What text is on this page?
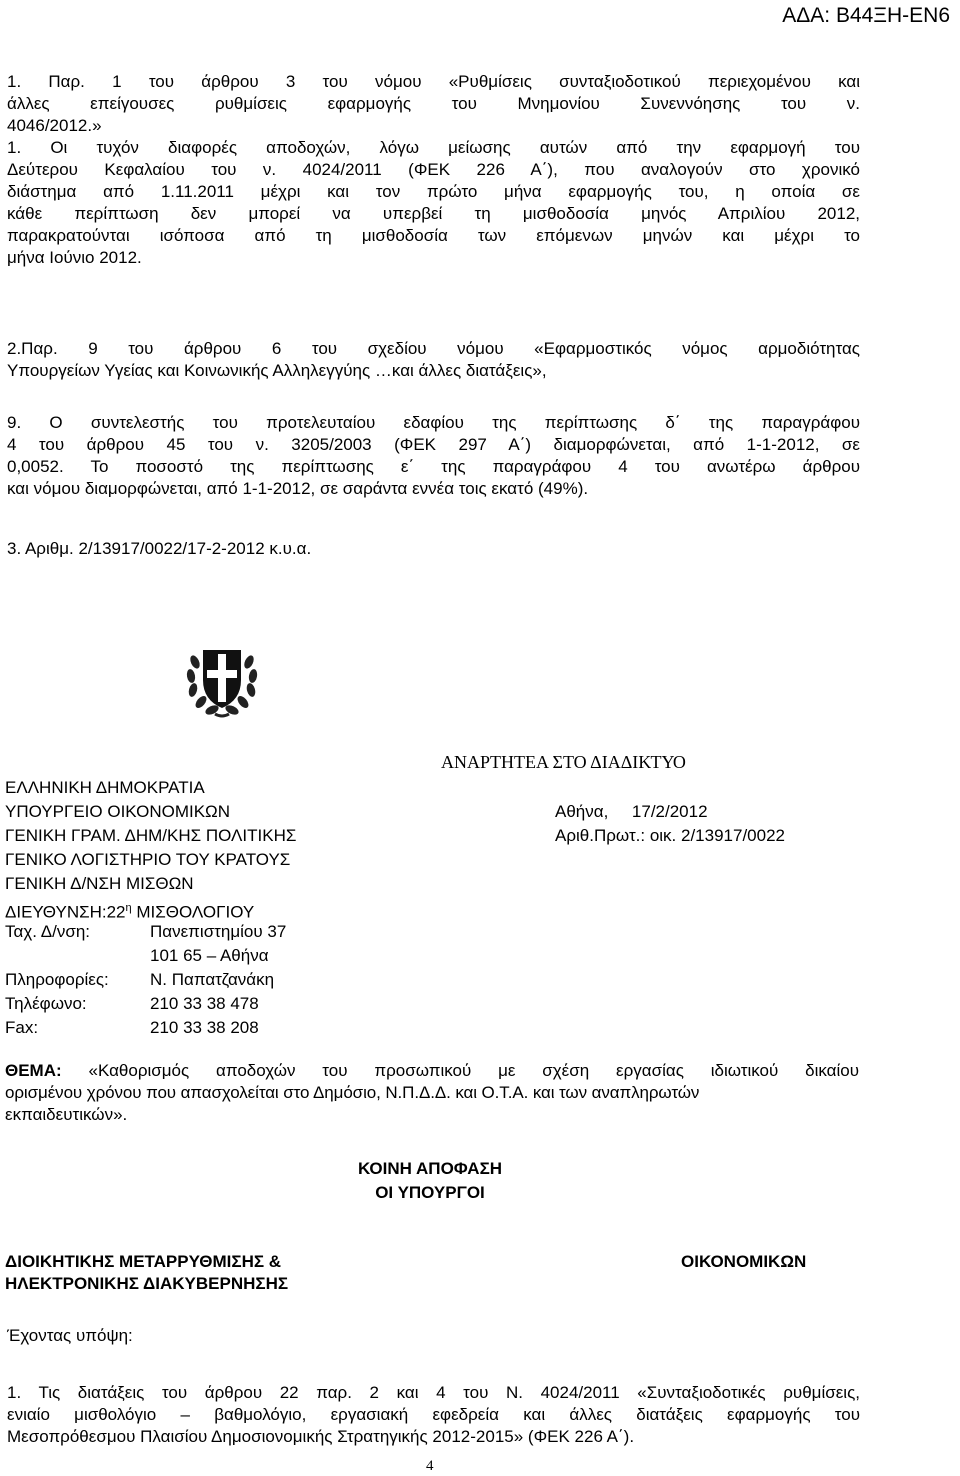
ΑΔΑ: Β44ΞΗ-ΕΝ6
1. Παρ. 1 του άρθρου 3 του νόμου «Ρυθμίσεις συνταξιοδοτικού περιεχομένου και
άλλες επείγουσες ρυθμίσεις εφαρμογής του Μνημονίου Συνεννόησης του ν.
4046/2012.»
1. Οι τυχόν διαφορές αποδοχών, λόγω μείωσης αυτών από την εφαρμογή του
Δεύτερου Κεφαλαίου του ν. 4024/2011 (ΦΕΚ 226 Α΄), που αναλογούν στο χρονικό
διάστημα από 1.11.2011 μέχρι και τον πρώτο μήνα εφαρμογής του, η οποία σε
κάθε περίπτωση δεν μπορεί να υπερβεί τη μισθοδοσία μηνός Απριλίου 2012,
παρακρατούνται ισόποσα από τη μισθοδοσία των επόμενων μηνών και μέχρι το
μήνα Ιούνιο 2012.
2.Παρ. 9 του άρθρου 6 του σχεδίου νόμου «Εφαρμοστικός νόμος αρμοδιότητας
Υπουργείων Υγείας και Κοινωνικής Αλληλεγγύης …και άλλες διατάξεις»,
9. Ο συντελεστής του προτελευταίου εδαφίου της περίπτωσης δ΄ της παραγράφου
4 του άρθρου 45 του ν. 3205/2003 (ΦΕΚ 297 Α΄) διαμορφώνεται, από 1-1-2012, σε
0,0052. Το ποσοστό της περίπτωσης ε΄ της παραγράφου 4 του ανωτέρω άρθρου
και νόμου διαμορφώνεται, από 1-1-2012, σε σαράντα εννέα τοις εκατό (49%).
3. Αριθμ. 2/13917/0022/17-2-2012 κ.υ.α.
ΑΝΑΡΤΗΤΕΑ ΣΤΟ ΔΙΑΔΙΚΤΥΟ
ΕΛΛΗΝΙΚΗ ΔΗΜΟΚΡΑΤΙΑ
ΥΠΟΥΡΓΕΙΟ ΟΙΚΟΝΟΜΙΚΩΝ
ΓΕΝΙΚΗ ΓΡΑΜ. ΔΗΜ/ΚΗΣ ΠΟΛΙΤΙΚΗΣ
ΓΕΝΙΚΟ ΛΟΓΙΣΤΗΡΙΟ ΤΟΥ ΚΡΑΤΟΥΣ
ΓΕΝΙΚΗ Δ/ΝΣΗ ΜΙΣΘΩΝ
$\Delta IE\Upsilon\Theta\Upsilon N\Sigma H:22^\eta$ ΜΙΣΘΟΛΟΓΙΟΥ
Ταχ. Δ/νση:	Πανεπιστημίου 37
101 65 – Αθήνα
Πληροφορίες: Ν. Παπατζανάκη
Τηλέφωνο:	210 33 38 478
Fax:	210 33 38 208
Αθήνα,     17/2/2012
Αριθ.Πρωτ.: οικ. 2/13917/0022
ΘΕΜΑ: «Καθορισμός αποδοχών του προσωπικού με σχέση εργασίας ιδιωτικού δικαίου
ορισμένου χρόνου που απασχολείται στο Δημόσιο, Ν.Π.Δ.Δ. και Ο.Τ.Α. και των αναπληρωτών
εκπαιδευτικών».
ΚΟΙΝΗ ΑΠΟΦΑΣΗ
ΟΙ ΥΠΟΥΡΓΟΙ
ΔΙΟΙΚΗΤΙΚΗΣ ΜΕΤΑΡΡΥΘΜΙΣΗΣ &
ΗΛΕΚΤΡΟΝΙΚΗΣ ΔΙΑΚΥΒΕΡΝΗΣΗΣ
ΟΙΚΟΝΟΜΙΚΩΝ
Έχοντας υπόψη:
1. Τις διατάξεις του άρθρου 22 παρ. 2 και 4 του Ν. 4024/2011 «Συνταξιοδοτικές ρυθμίσεις,
ενιαίο μισθολόγιο – βαθμολόγιο, εργασιακή εφεδρεία και άλλες διατάξεις εφαρμογής του
Μεσοπρόθεσμου Πλαισίου Δημοσιονομικής Στρατηγικής 2012-2015» (ΦΕΚ 226 Α΄).
4
